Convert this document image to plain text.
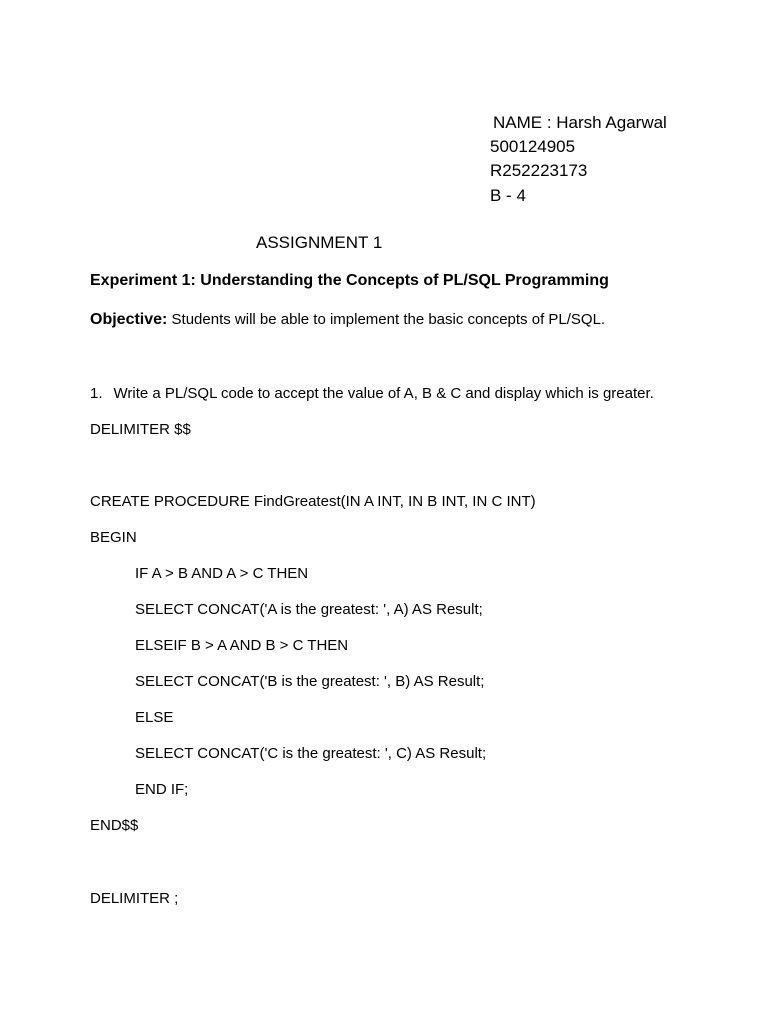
NAME : Harsh Agarwal
500124905
R252223173
B - 4
ASSIGNMENT 1
Experiment 1: Understanding the Concepts of PL/SQL Programming
Objective: Students will be able to implement the basic concepts of PL/SQL.
1. Write a PL/SQL code to accept the value of A, B & C and display which is greater.
DELIMITER $$
CREATE PROCEDURE FindGreatest(IN A INT, IN B INT, IN C INT)
BEGIN
IF A > B AND A > C THEN
SELECT CONCAT('A is the greatest: ', A) AS Result;
ELSEIF B > A AND B > C THEN
SELECT CONCAT('B is the greatest: ', B) AS Result;
ELSE
SELECT CONCAT('C is the greatest: ', C) AS Result;
END IF;
END$$
DELIMITER ;
